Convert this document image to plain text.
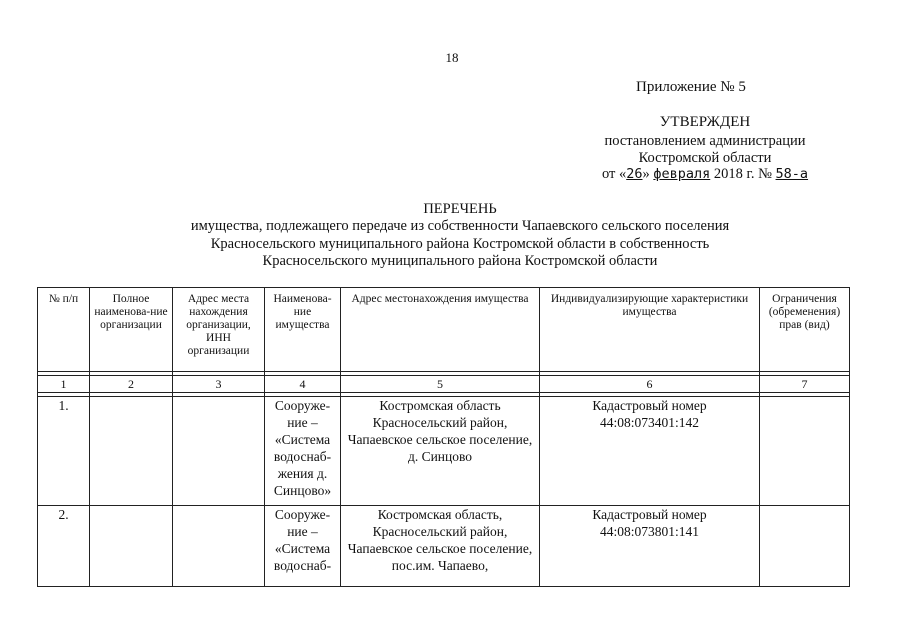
18
Приложение № 5
УТВЕРЖДЕН
постановлением администрации
Костромской области
от «26» февраля 2018 г. № 58-а
ПЕРЕЧЕНЬ
имущества, подлежащего передаче из собственности Чапаевского сельского поселения
Красносельского муниципального района Костромской области в собственность
Красносельского муниципального района Костромской области
№ п/п	Полное наименова-ние организации	Адрес места нахождения организации, ИНН организации	Наименова-ние имущества	Адрес местонахождения имущества	Индивидуализирующие характеристики имущества	Ограничения (обременения) прав (вид)

1	2	3	4	5	6	7

1.			Сооруже-ние – «Система водоснаб-жения д. Синцово»	Костромская область Красносельский район, Чапаевское сельское поселение, д. Синцово	Кадастровый номер 44:08:073401:142	
2.			Сооруже-ние – «Система водоснаб-	Костромская область, Красносельский район, Чапаевское сельское поселение, пос.им. Чапаево,	Кадастровый номер 44:08:073801:141	
